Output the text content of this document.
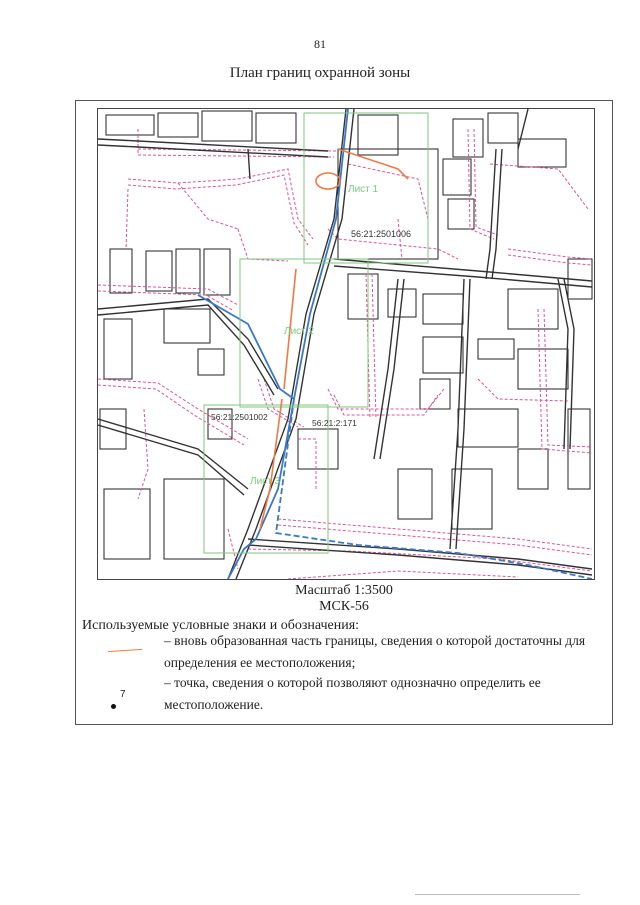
81
План границ охранной зоны
Лист 1
Лист 2
Лист 3
56:21:2501006
56:21:2501002
56:21:2:171
Масштаб 1:3500
МСК-56
Используемые условные знаки и обозначения:
– вновь образованная часть границы, сведения о которой достаточны для определения ее местоположения;
7
– точка, сведения о которой позволяют однозначно определить ее местоположение.
